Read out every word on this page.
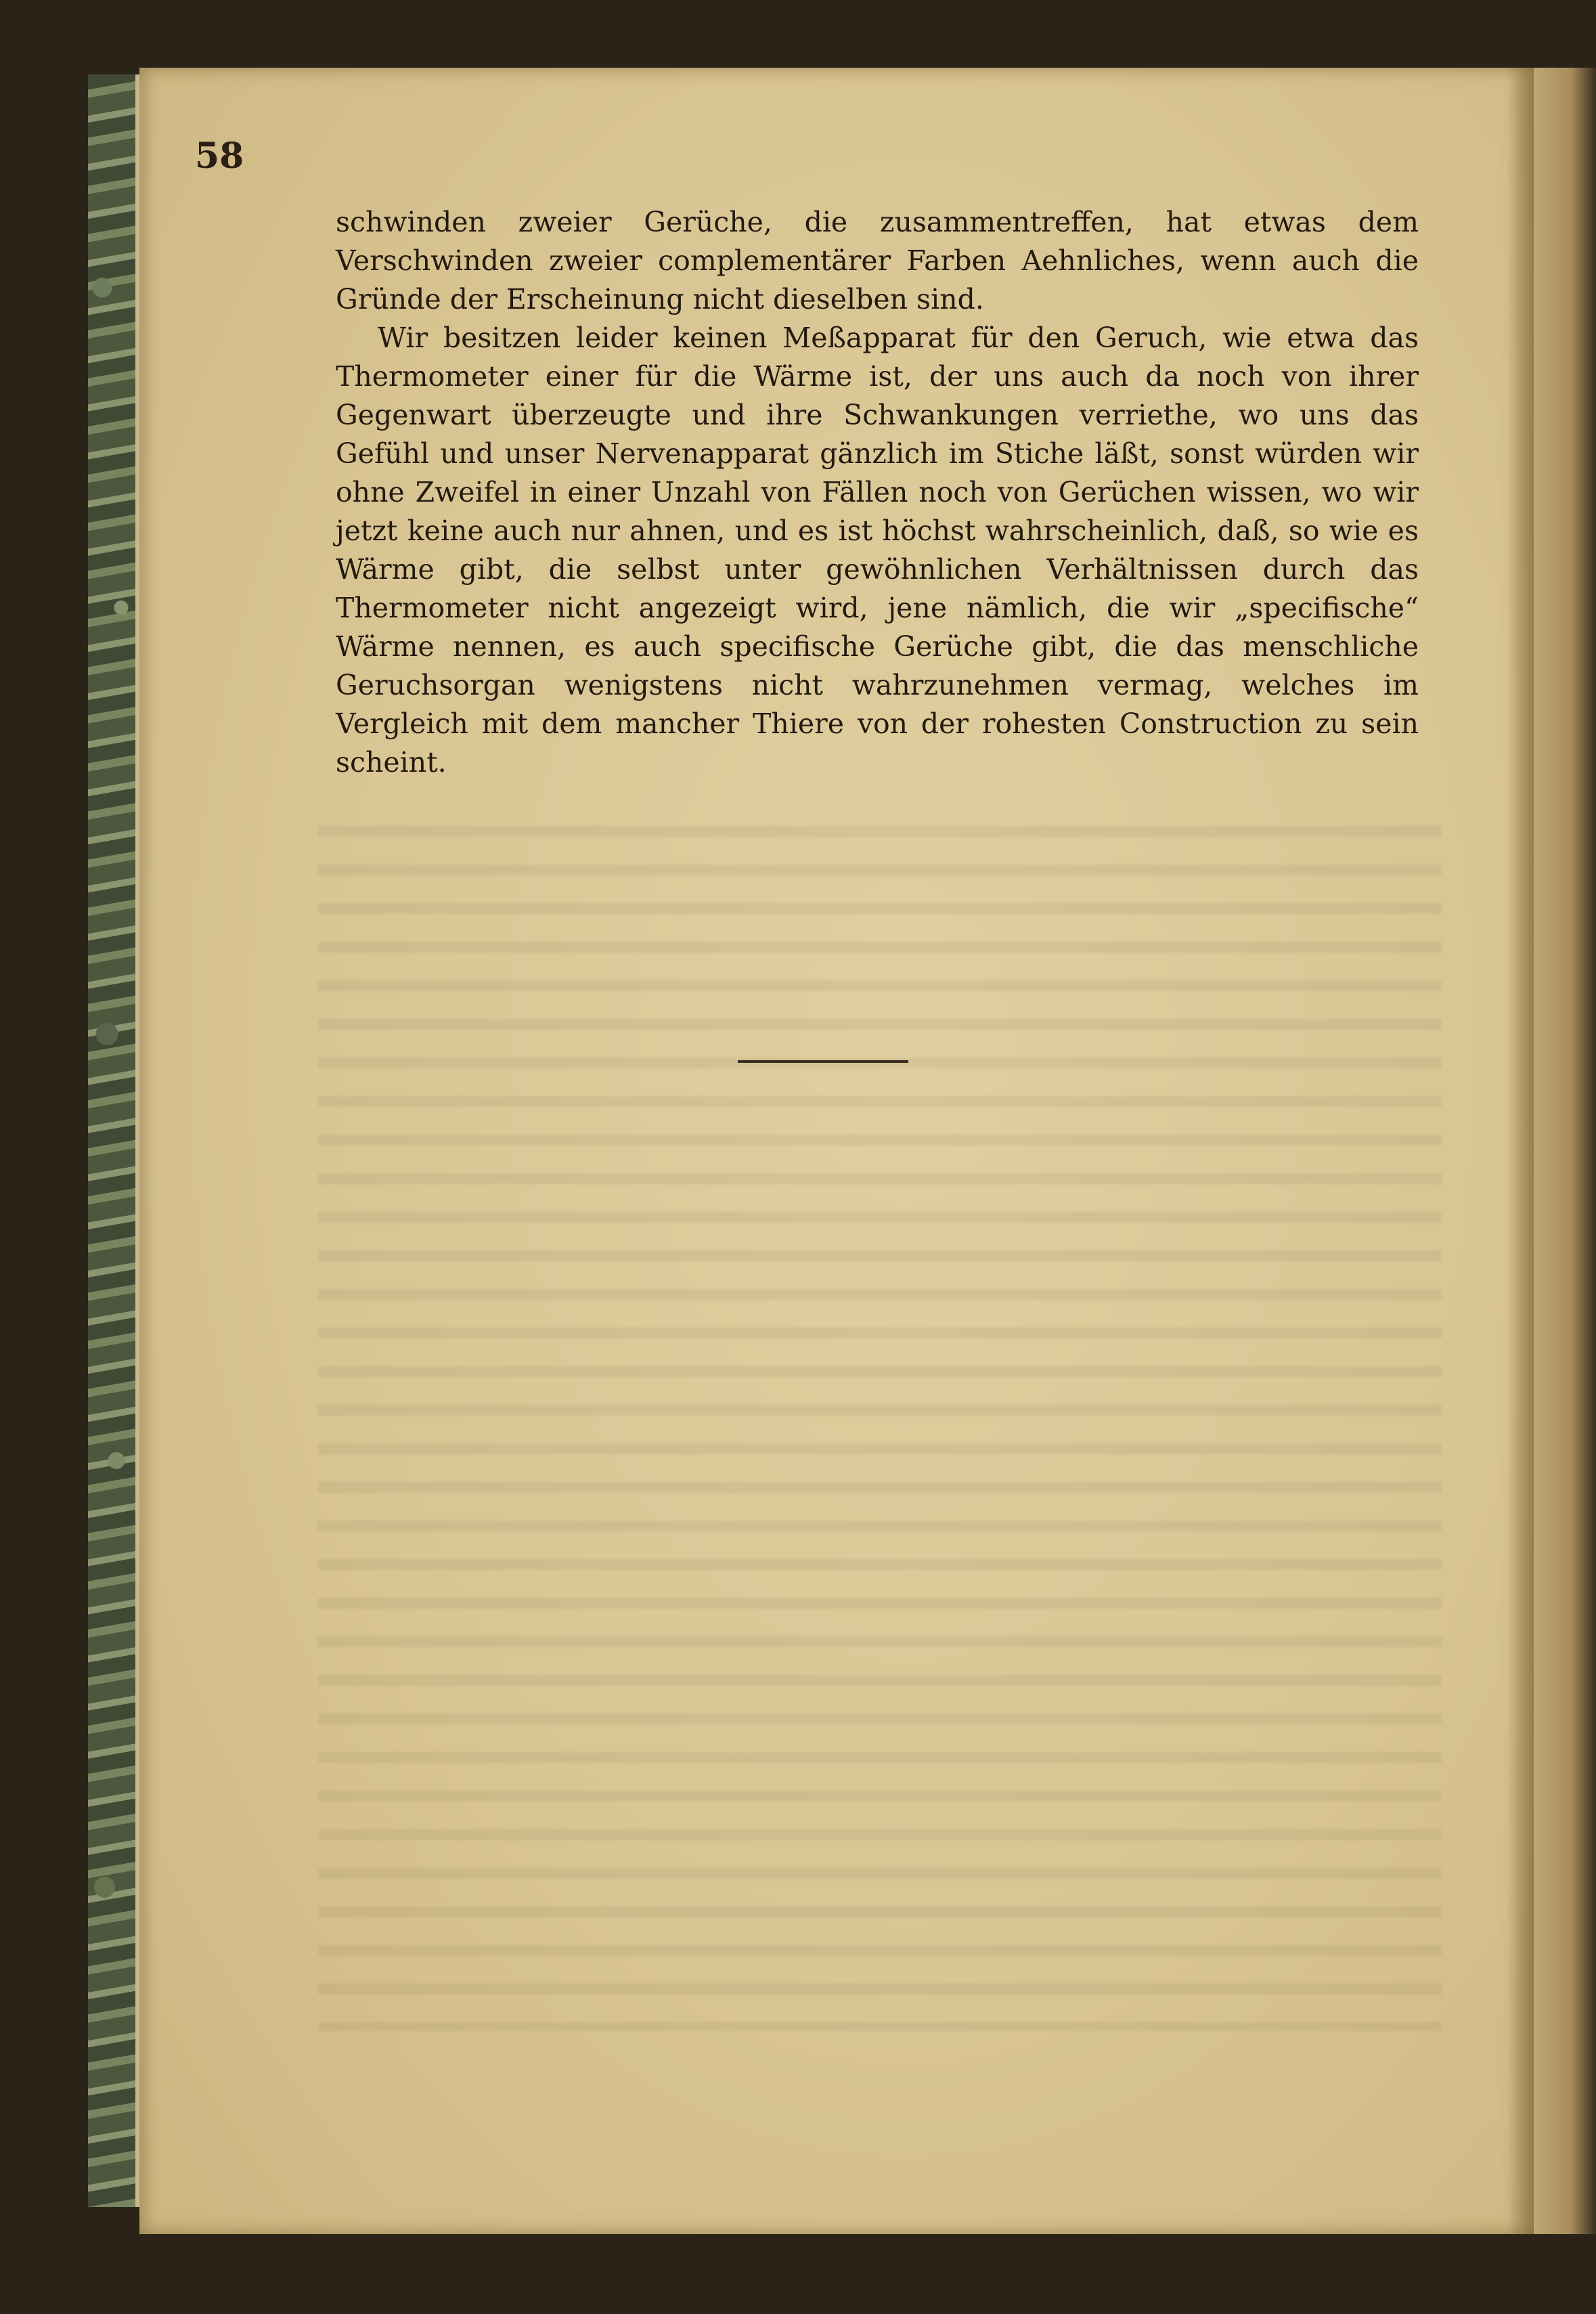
58

schwinden zweier Gerüche, die zusammentreffen, hat etwas dem Verschwinden zweier complementärer Farben Aehnliches, wenn auch die Gründe der Erscheinung nicht dieselben sind.

Wir besitzen leider keinen Meßapparat für den Geruch, wie etwa das Thermometer einer für die Wärme ist, der uns auch da noch von ihrer Gegenwart überzeugte und ihre Schwankungen verriethe, wo uns das Gefühl und unser Nervenapparat gänzlich im Stiche läßt, sonst würden wir ohne Zweifel in einer Unzahl von Fällen noch von Gerüchen wissen, wo wir jetzt keine auch nur ahnen, und es ist höchst wahrscheinlich, daß, so wie es Wärme gibt, die selbst unter gewöhnlichen Verhältnissen durch das Thermometer nicht angezeigt wird, jene nämlich, die wir „specifische“ Wärme nennen, es auch specifische Gerüche gibt, die das menschliche Geruchsorgan wenigstens nicht wahrzunehmen vermag, welches im Vergleich mit dem mancher Thiere von der rohesten Construction zu sein scheint.
